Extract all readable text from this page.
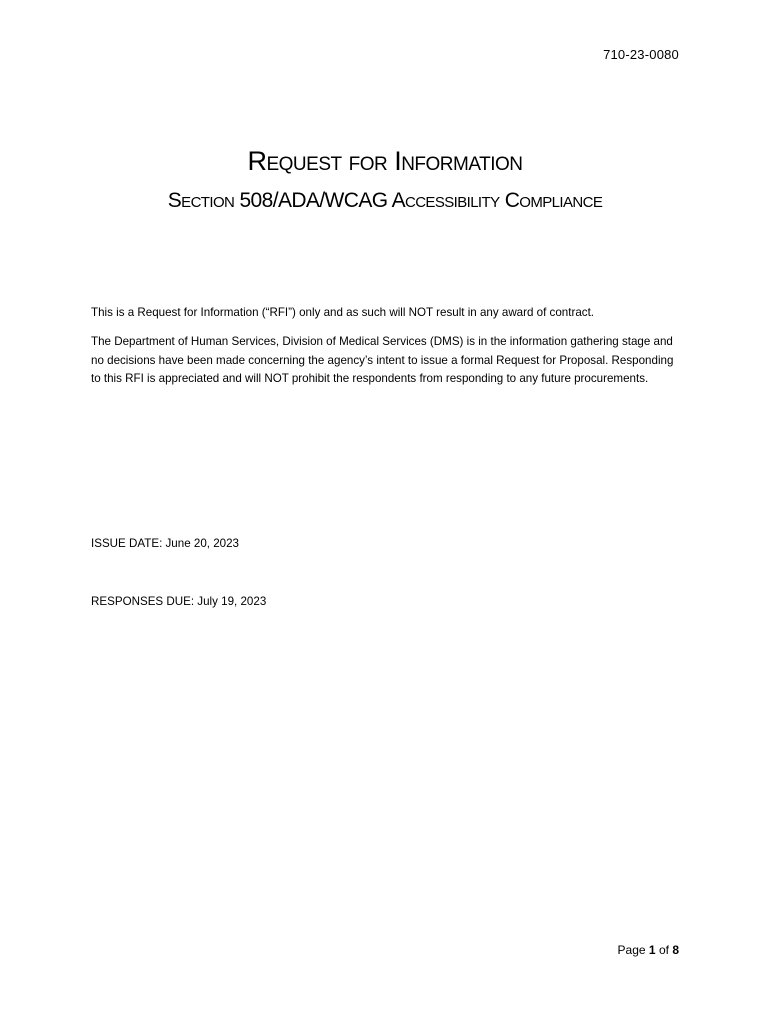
710-23-0080
Request for Information
Section 508/ADA/WCAG Accessibility Compliance
This is a Request for Information (“RFI”) only and as such will NOT result in any award of contract.
The Department of Human Services, Division of Medical Services (DMS) is in the information gathering stage and no decisions have been made concerning the agency’s intent to issue a formal Request for Proposal. Responding to this RFI is appreciated and will NOT prohibit the respondents from responding to any future procurements.
ISSUE DATE: June 20, 2023
RESPONSES DUE: July 19, 2023
Page 1 of 8
